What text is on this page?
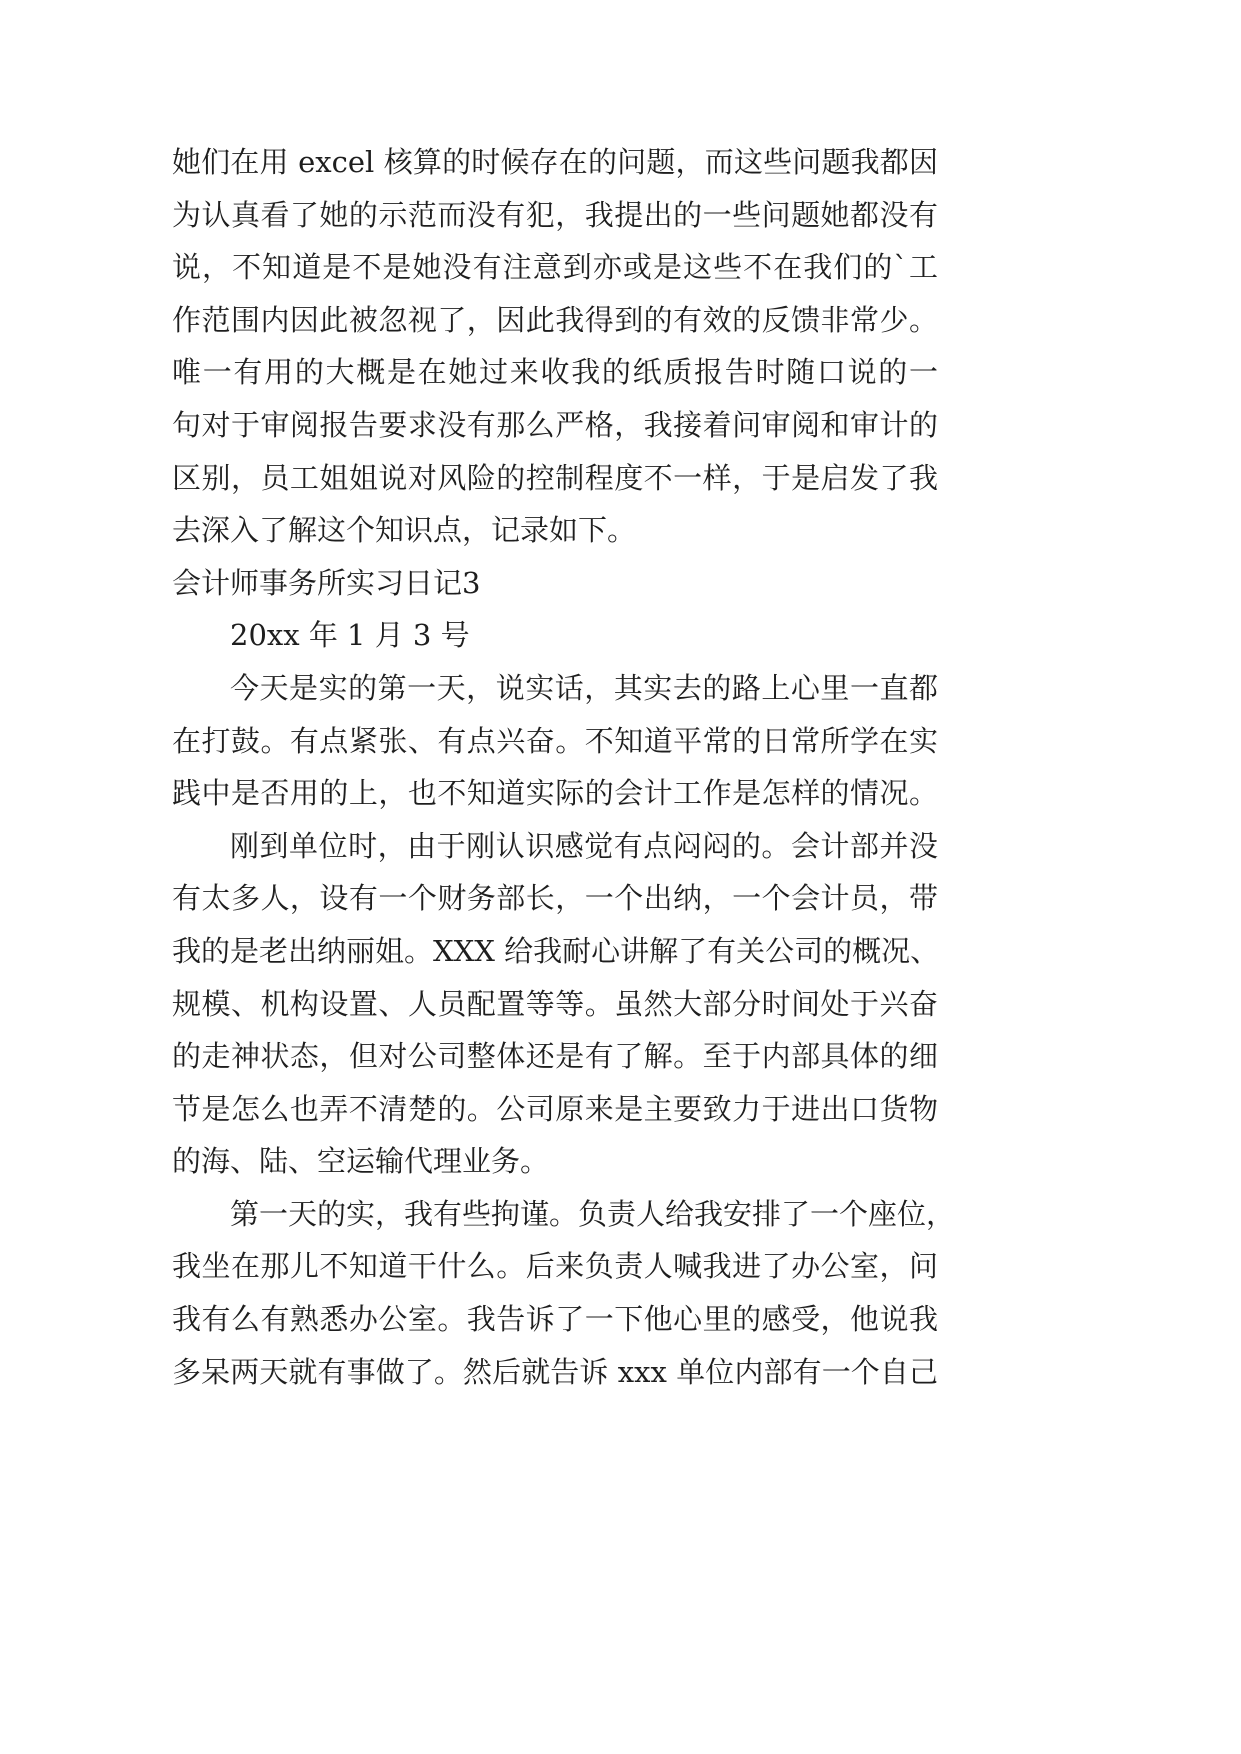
她们在用 excel 核算的时候存在的问题，而这些问题我都因
为认真看了她的示范而没有犯，我提出的一些问题她都没有
说，不知道是不是她没有注意到亦或是这些不在我们的`工
作范围内因此被忽视了，因此我得到的有效的反馈非常少。
唯一有用的大概是在她过来收我的纸质报告时随口说的一
句对于审阅报告要求没有那么严格，我接着问审阅和审计的
区别，员工姐姐说对风险的控制程度不一样，于是启发了我
去深入了解这个知识点，记录如下。
会计师事务所实习日记3
20xx 年 1 月 3 号
今天是实的第一天，说实话，其实去的路上心里一直都
在打鼓。有点紧张、有点兴奋。不知道平常的日常所学在实
践中是否用的上，也不知道实际的会计工作是怎样的情况。
刚到单位时，由于刚认识感觉有点闷闷的。会计部并没
有太多人，设有一个财务部长，一个出纳，一个会计员，带
我的是老出纳丽姐。XXX 给我耐心讲解了有关公司的概况、
规模、机构设置、人员配置等等。虽然大部分时间处于兴奋
的走神状态，但对公司整体还是有了解。至于内部具体的细
节是怎么也弄不清楚的。公司原来是主要致力于进出口货物
的海、陆、空运输代理业务。
第一天的实，我有些拘谨。负责人给我安排了一个座位，
我坐在那儿不知道干什么。后来负责人喊我进了办公室，问
我有么有熟悉办公室。我告诉了一下他心里的感受，他说我
多呆两天就有事做了。然后就告诉 xxx 单位内部有一个自己
